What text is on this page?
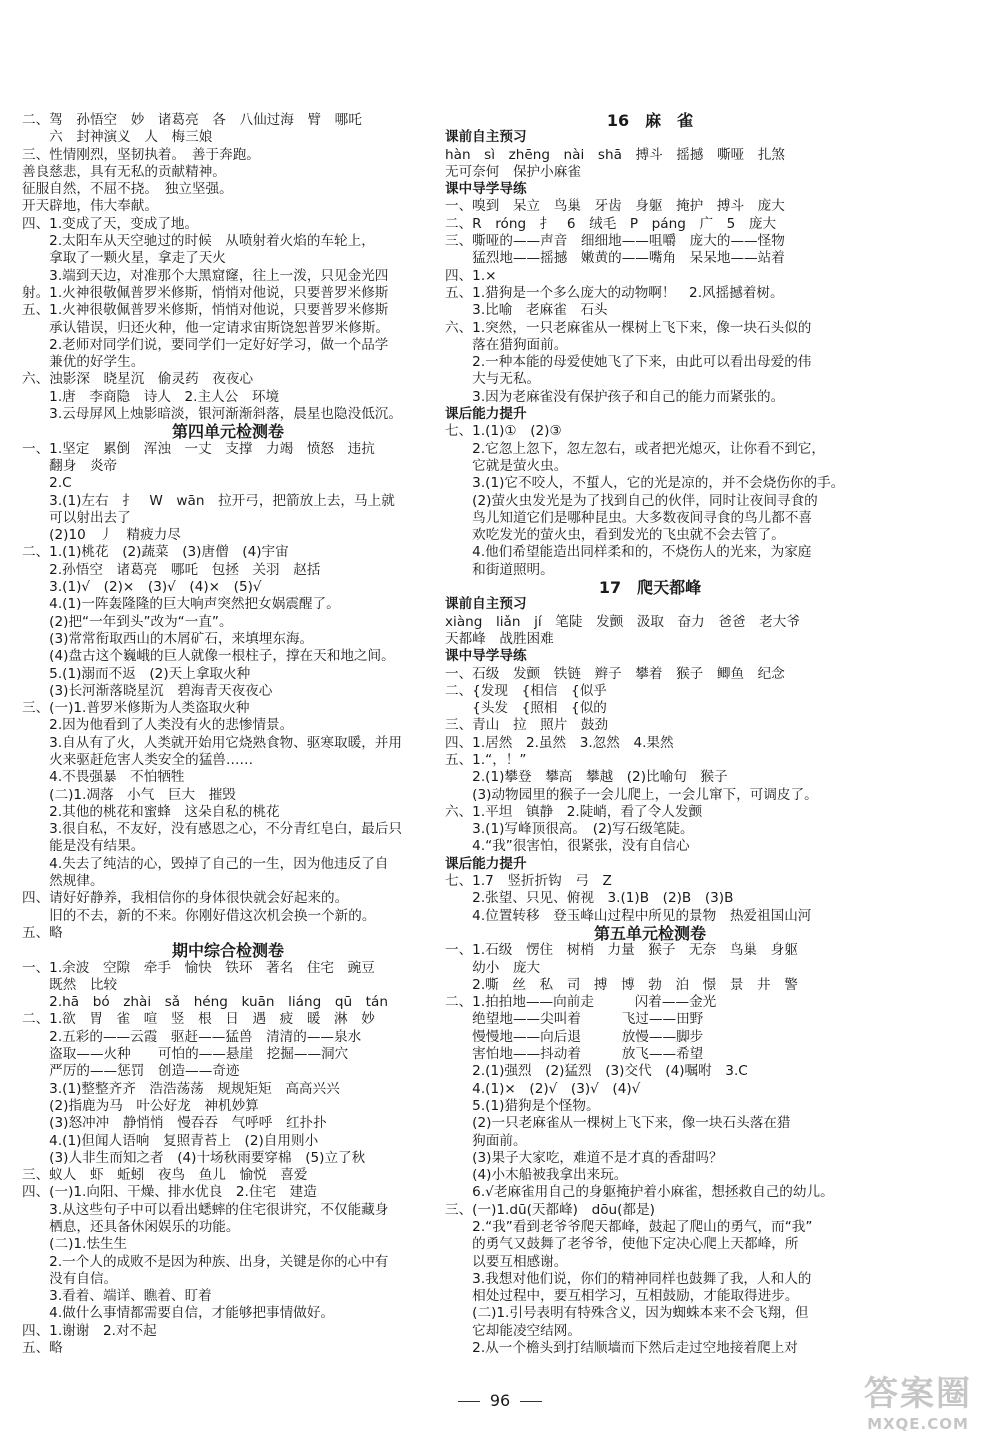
二、驾　孙悟空　妙　诸葛亮　各　八仙过海　臂　哪吒
　　六　封神演义　人　梅三娘
三、性情刚烈，坚韧执着。　善于奔跑。
善良慈悲，具有无私的贡献精神。
征服自然，不屈不挠。　独立坚强。
开天辟地，伟大奉献。
四、1.变成了天，变成了地。
　　2.太阳车从天空驰过的时候　从喷射着火焰的车轮上，
　　拿取了一颗火星，拿走了天火
　　3.端到天边，对准那个大黑窟窿，往上一泼，只见金光四
射。1.火神很敬佩普罗米修斯，悄悄对他说，只要普罗米修斯
五、1.火神很敬佩普罗米修斯，悄悄对他说，只要普罗米修斯
　　承认错误，归还火种，他一定请求宙斯饶恕普罗米修斯。
　　2.老师对同学们说，要同学们一定好好学习，做一个品学
　　兼优的好学生。
六、浊影深　晓星沉　偷灵药　夜夜心
　　1.唐　李商隐　诗人　2.主人公　环境
　　3.云母屏风上烛影暗淡，银河渐渐斜落，晨星也隐没低沉。
第四单元检测卷
一、1.坚定　累倒　浑浊　一丈　支撑　力竭　愤怒　违抗
　　翻身　炎帝
　　2.C
　　3.(1)左右　扌　W　wān　拉开弓，把箭放上去，马上就
　　可以射出去了
　　(2)10　丿　精疲力尽
二、1.(1)桃花　(2)蔬菜　(3)唐僧　(4)宇宙
　　2.孙悟空　诸葛亮　哪吒　包拯　关羽　赵括
　　3.(1)√　(2)×　(3)√　(4)×　(5)√
　　4.(1)一阵轰隆隆的巨大响声突然把女娲震醒了。
　　(2)把“一年到头”改为“一直”。
　　(3)常常衔取西山的木屑矿石，来填埋东海。
　　(4)盘古这个巍峨的巨人就像一根柱子，撑在天和地之间。
　　5.(1)溺而不返　(2)天上拿取火种
　　(3)长河渐落晓星沉　碧海青天夜夜心
三、(一)1.普罗米修斯为人类盗取火种
　　2.因为他看到了人类没有火的悲惨情景。
　　3.自从有了火，人类就开始用它烧熟食物、驱寒取暖，并用
　　火来驱赶危害人类安全的猛兽……
　　4.不畏强暴　不怕牺牲
　　(二)1.凋落　小气　巨大　摧毁
　　2.其他的桃花和蜜蜂　这朵自私的桃花
　　3.很自私，不友好，没有感恩之心，不分青红皂白，最后只
　　能是没有结果。
　　4.失去了纯洁的心，毁掉了自己的一生，因为他违反了自
　　然规律。
四、请好好静养，我相信你的身体很快就会好起来的。
　　旧的不去，新的不来。你刚好借这次机会换一个新的。
五、略
期中综合检测卷
一、1.余波　空隙　牵手　愉快　铁环　著名　住宅　豌豆
　　既然　比较
　　2.hā　bó　zhài　sǎ　héng　kuān　liáng　qū　tán
二、1.欲　胃　雀　喧　竖　根　日　遇　疲　暖　淋　妙
　　2.五彩的——云霞　驱赶——猛兽　清清的——泉水
　　盗取——火种　　可怕的——悬崖　挖掘——洞穴
　　严厉的——惩罚　创造——奇迹
　　3.(1)整整齐齐　浩浩荡荡　规规矩矩　高高兴兴
　　(2)指鹿为马　叶公好龙　神机妙算
　　(3)怒冲冲　静悄悄　慢吞吞　气呼呼　红扑扑
　　4.(1)但闻人语响　复照青苔上　(2)自用则小
　　(3)人非生而知之者　(4)十场秋雨要穿棉　(5)立了秋
三、蚁人　虾　蚯蚓　夜鸟　鱼儿　愉悦　喜爱
四、(一)1.向阳、干燥、排水优良　2.住宅　建造
　　3.从这些句子中可以看出蟋蟀的住宅很讲究，不仅能藏身
　　栖息，还具备休闲娱乐的功能。
　　(二)1.怯生生
　　2.一个人的成败不是因为种族、出身，关键是你的心中有
　　没有自信。
　　3.看着、端详、瞧着、盯着
　　4.做什么事情都需要自信，才能够把事情做好。
四、1.谢谢　2.对不起
五、略
16　麻　雀
课前自主预习
hàn　sì　zhēng　nài　shā　搏斗　摇撼　嘶哑　扎煞
无可奈何　保护小麻雀
课中导学导练
一、嗅到　呆立　鸟巢　牙齿　身躯　掩护　搏斗　庞大
二、R　róng　扌　6　绒毛　P　páng　广　5　庞大
三、嘶哑的——声音　细细地——咀嚼　庞大的——怪物
　　猛烈地——摇撼　嫩黄的——嘴角　呆呆地——站着
四、1.×
五、1.猎狗是一个多么庞大的动物啊！　2.风摇撼着树。
　　3.比喻　老麻雀　石头
六、1.突然，一只老麻雀从一棵树上飞下来，像一块石头似的
　　落在猎狗面前。
　　2.一种本能的母爱使她飞了下来，由此可以看出母爱的伟
　　大与无私。
　　3.因为老麻雀没有保护孩子和自己的能力而紧张的。
课后能力提升
七、1.(1)①　(2)③
　　2.它忽上忽下，忽左忽右，或者把光熄灭，让你看不到它，
　　它就是萤火虫。
　　3.(1)它不咬人，不蜇人，它的光是凉的，并不会烧伤你的手。
　　(2)萤火虫发光是为了找到自己的伙伴，同时让夜间寻食的
　　鸟儿知道它们是哪种昆虫。大多数夜间寻食的鸟儿都不喜
　　欢吃发光的萤火虫，看到发光的飞虫就不会去管了。
　　4.他们希望能造出同样柔和的，不烧伤人的光来，为家庭
　　和街道照明。
17　爬天都峰
课前自主预习
xiàng　liǎn　jí　笔陡　发颤　汲取　奋力　爸爸　老大爷
天都峰　战胜困难
课中导学导练
一、石级　发颤　铁链　辫子　攀着　猴子　鲫鱼　纪念
二、{发现　{相信　{似乎
　　{头发　{照相　{似的
三、青山　拉　照片　鼓劲
四、1.居然　2.虽然　3.忽然　4.果然
五、1.“，！”
　　2.(1)攀登　攀高　攀越　(2)比喻句　猴子
　　(3)动物园里的猴子一会儿爬上，一会儿窜下，可调皮了。
六、1.平坦　镇静　2.陡峭，看了令人发颤
　　3.(1)写峰顶很高。　(2)写石级笔陡。
　　4.“我”很害怕，很紧张，没有自信心
课后能力提升
七、1.7　竖折折钩　弓　Z
　　2.张望、只见、俯视　3.(1)B　(2)B　(3)B
　　4.位置转移　登玉峰山过程中所见的景物　热爱祖国山河
第五单元检测卷
一、1.石级　愣住　树梢　力量　猴子　无奈　鸟巢　身躯
　　幼小　庞大
　　2.嘶　丝　私　司　搏　博　勃　泊　憬　景　井　警
二、1.拍拍地——向前走　　　闪着——金光
　　绝望地——尖叫着　　　飞过——田野
　　慢慢地——向后退　　　放慢——脚步
　　害怕地——抖动着　　　放飞——希望
　　2.(1)强烈　(2)猛烈　(3)交代　(4)嘱咐　3.C
　　4.(1)×　(2)√　(3)√　(4)√
　　5.(1)猎狗是个怪物。
　　(2)一只老麻雀从一棵树上飞下来，像一块石头落在猎
　　狗面前。
　　(3)果子大家吃，难道不是才真的香甜吗？
　　(4)小木船被我拿出来玩。
　　6.√老麻雀用自己的身躯掩护着小麻雀，想拯救自己的幼儿。
三、(一)1.dū(天都峰)　dōu(都是)
　　2.“我”看到老爷爷爬天都峰，鼓起了爬山的勇气，而“我”
　　的勇气又鼓舞了老爷爷，使他下定决心爬上天都峰，所
　　以要互相感谢。
　　3.我想对他们说，你们的精神同样也鼓舞了我，人和人的
　　相处过程中，要互相学习，互相鼓励，才能取得进步。
　　(二)1.引号表明有特殊含义，因为蜘蛛本来不会飞翔，但
　　它却能凌空结网。
　　2.从一个檐头到打结顺墙而下然后走过空地接着爬上对
96	答案圈
MXQE.COM
